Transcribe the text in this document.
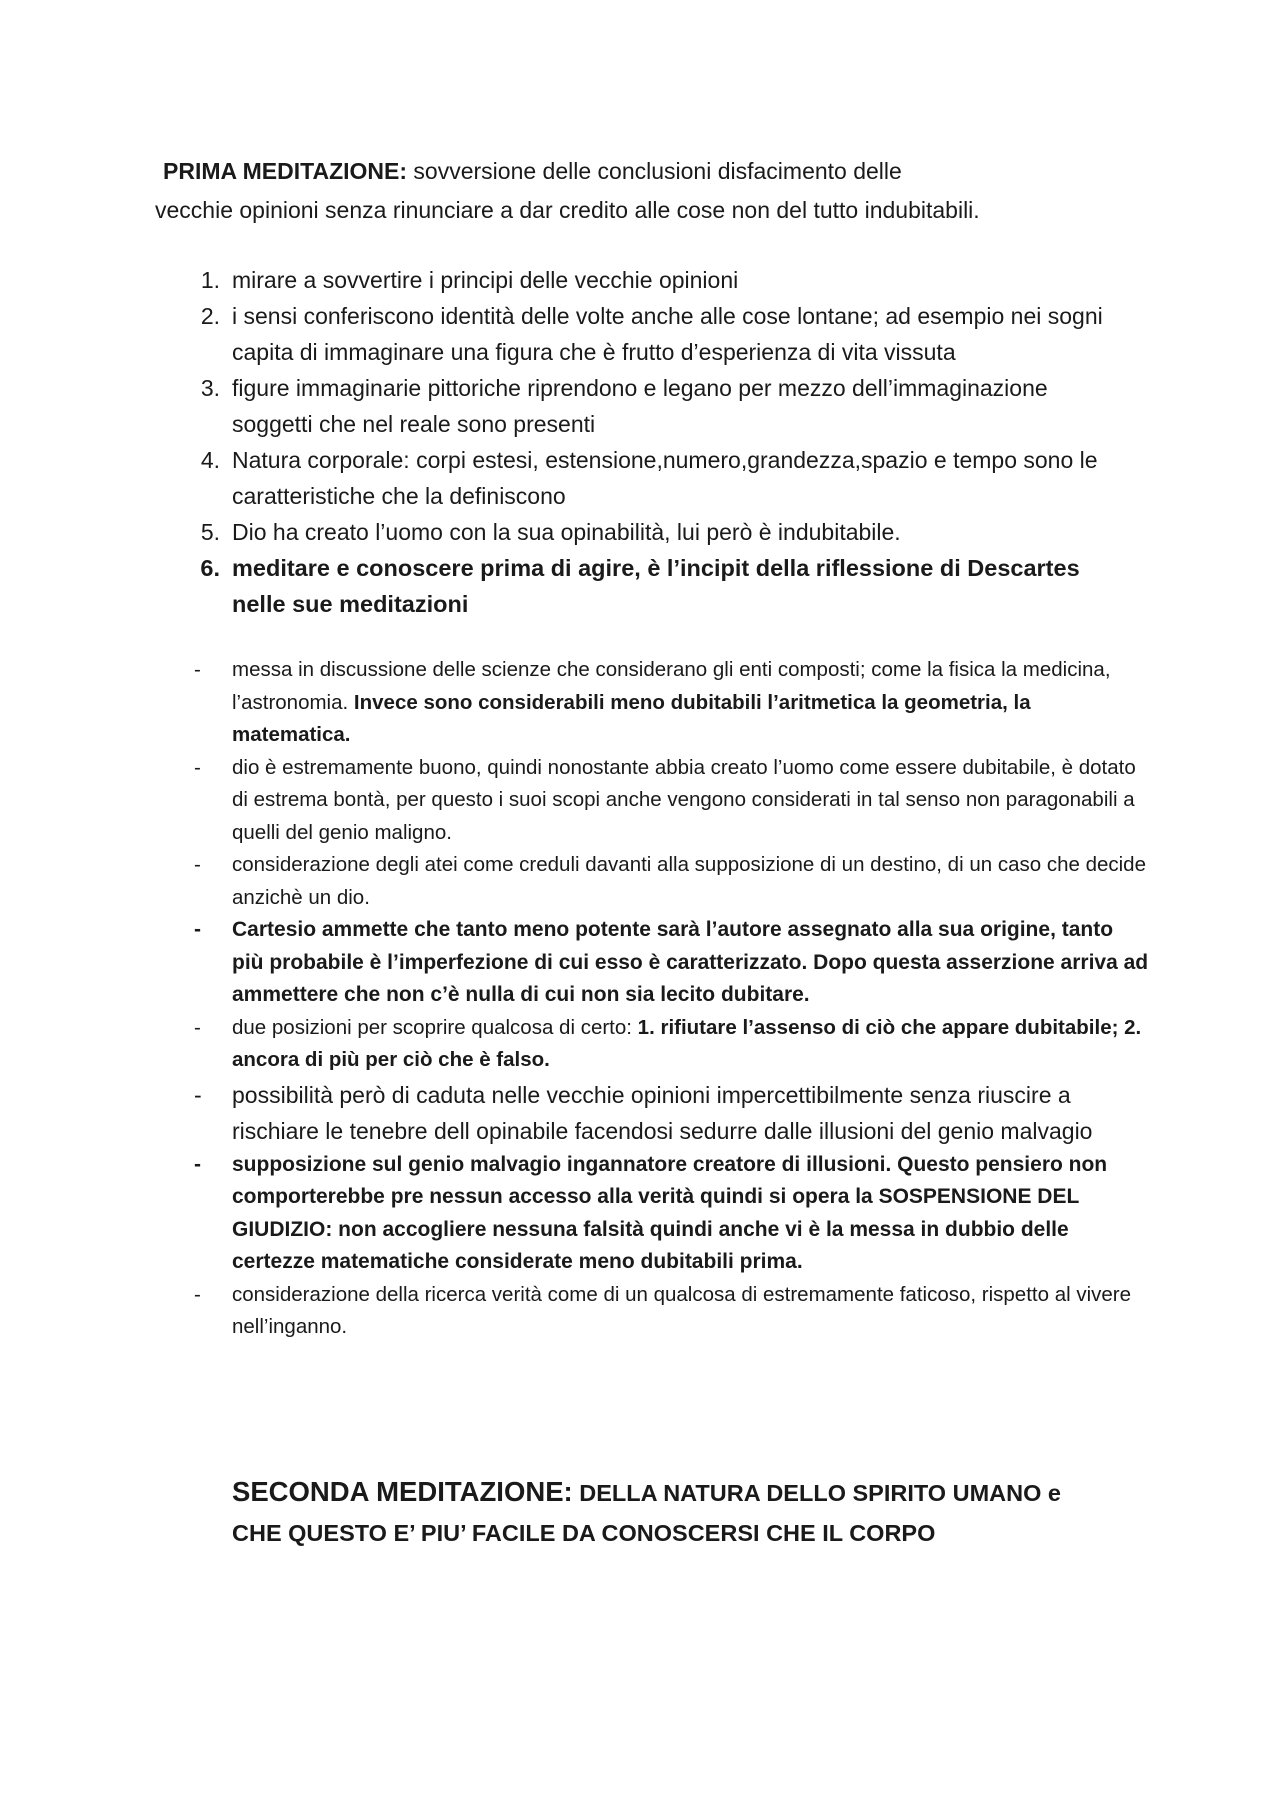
PRIMA MEDITAZIONE: sovversione delle conclusioni disfacimento delle
vecchie opinioni senza rinunciare a dar credito alle cose non del tutto indubitabili.
1. mirare a sovvertire i principi delle vecchie opinioni
2. i sensi conferiscono identità delle volte anche alle cose lontane; ad esempio nei sogni capita di immaginare una figura che è frutto d’esperienza di vita vissuta
3. figure immaginarie pittoriche riprendono e legano per mezzo dell’immaginazione soggetti che nel reale sono presenti
4. Natura corporale: corpi estesi, estensione,numero,grandezza,spazio e tempo sono le caratteristiche che la definiscono
5. Dio ha creato l’uomo con la sua opinabilità, lui però è indubitabile.
6. meditare e conoscere prima di agire, è l’incipit della riflessione di Descartes nelle sue meditazioni
- messa in discussione delle scienze che considerano gli enti composti; come la fisica la medicina, l’astronomia. Invece sono considerabili meno dubitabili l’aritmetica la geometria, la matematica.
- dio è estremamente buono, quindi nonostante abbia creato l’uomo come essere dubitabile, è dotato di estrema bontà, per questo i suoi scopi anche vengono considerati in tal senso non paragonabili a quelli del genio maligno.
- considerazione degli atei come creduli davanti alla supposizione di un destino, di un caso che decide anzichè un dio.
- Cartesio ammette che tanto meno potente sarà l’autore assegnato alla sua origine, tanto più probabile è l’imperfezione di cui esso è caratterizzato. Dopo questa asserzione arriva ad ammettere che non c’è nulla di cui non sia lecito dubitare.
- due posizioni per scoprire qualcosa di certo: 1. rifiutare l’assenso di ciò che appare dubitabile; 2. ancora di più per ciò che è falso.
- possibilità però di caduta nelle vecchie opinioni impercettibilmente senza riuscire a rischiare le tenebre dell opinabile facendosi sedurre dalle illusioni del genio malvagio
- supposizione sul genio malvagio ingannatore creatore di illusioni. Questo pensiero non comporterebbe pre nessun accesso alla verità quindi si opera la SOSPENSIONE DEL GIUDIZIO: non accogliere nessuna falsità quindi anche vi è la messa in dubbio delle certezze matematiche considerate meno dubitabili prima.
- considerazione della ricerca verità come di un qualcosa di estremamente faticoso, rispetto al vivere nell’inganno.
SECONDA MEDITAZIONE: DELLA NATURA DELLO SPIRITO UMANO e CHE QUESTO E’ PIU’ FACILE DA CONOSCERSI CHE IL CORPO
